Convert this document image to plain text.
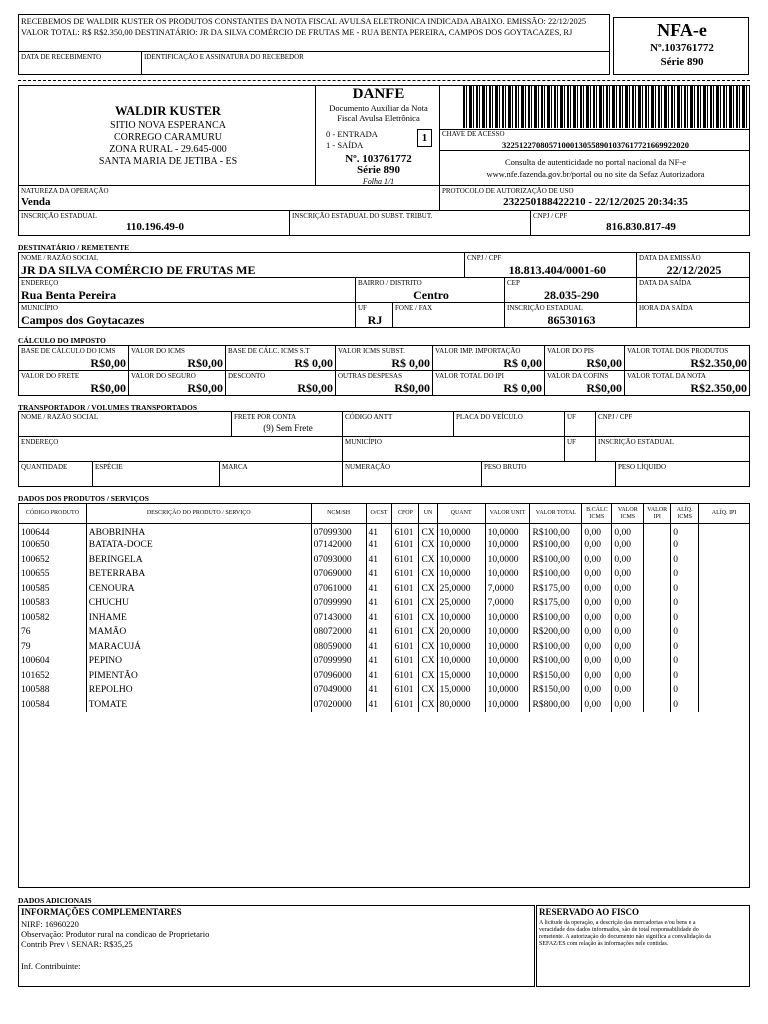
RECEBEMOS DE WALDIR KUSTER OS PRODUTOS CONSTANTES DA NOTA FISCAL AVULSA ELETRONICA INDICADA ABAIXO. EMISSÃO: 22/12/2025 VALOR TOTAL: R$ R$2.350,00 DESTINATÁRIO: JR DA SILVA COMÉRCIO DE FRUTAS ME - RUA BENTA PEREIRA, CAMPOS DOS GOYTACAZES, RJ
DATA DE RECEBIMENTO	IDENTIFICAÇÃO E ASSINATURA DO RECEBEDOR
NFA-e
Nº.103761772
Série 890
WALDIR KUSTER
SITIO NOVA ESPERANCA
CORREGO CARAMURU
ZONA RURAL - 29.645-000
SANTA MARIA DE JETIBA - ES
DANFE
Documento Auxiliar da Nota
Fiscal Avulsa Eletrônica
0 - ENTRADA
1 - SAÍDA
1
Nº. 103761772
Série 890
Folha 1/1
CHAVE DE ACESSO
32251227080571000130558901037617721669922020
Consulta de autenticidade no portal nacional da NF-e
www.nfe.fazenda.gov.br/portal ou no site da Sefaz Autorizadora
NATUREZA DA OPERAÇÃO
Venda
PROTOCOLO DE AUTORIZAÇÃO DE USO
232250188422210 - 22/12/2025 20:34:35
INSCRIÇÃO ESTADUAL
110.196.49-0
INSCRIÇÃO ESTADUAL DO SUBST. TRIBUT.	CNPJ / CPF
816.830.817-49
DESTINATÁRIO / REMETENTE
NOME / RAZÃO SOCIAL
JR DA SILVA COMÉRCIO DE FRUTAS ME
CNPJ / CPF
18.813.404/0001-60
DATA DA EMISSÃO
22/12/2025
ENDEREÇO
Rua Benta Pereira
BAIRRO / DISTRITO
Centro
CEP
28.035-290
DATA DA SAÍDA
MUNICÍPIO
Campos dos Goytacazes
UF
RJ
FONE / FAX	INSCRIÇÃO ESTADUAL
86530163
HORA DA SAÍDA
CÁLCULO DO IMPOSTO
BASE DE CÁLCULO DO ICMS
R$0,00
VALOR DO ICMS
R$0,00
BASE DE CÁLC. ICMS S.T
R$ 0,00
VALOR ICMS SUBST.
R$ 0,00
VALOR IMP. IMPORTAÇÃO
R$ 0,00
VALOR DO PIS
R$0,00
VALOR TOTAL DOS PRODUTOS
R$2.350,00
VALOR DO FRETE
R$0,00
VALOR DO SEGURO
R$0,00
DESCONTO
R$0,00
OUTRAS DESPESAS
R$0,00
VALOR TOTAL DO IPI
R$ 0,00
VALOR DA COFINS
R$0,00
VALOR TOTAL DA NOTA
R$2.350,00
TRANSPORTADOR / VOLUMES TRANSPORTADOS
NOME / RAZÃO SOCIAL	FRETE POR CONTA
(9) Sem Frete
CÓDIGO ANTT	PLACA DO VEÍCULO	UF	CNPJ / CPF
ENDEREÇO	MUNICÍPIO	UF	INSCRIÇÃO ESTADUAL
QUANTIDADE	ESPÉCIE	MARCA	NUMERAÇÃO	PESO BRUTO	PESO LÍQUIDO
DADOS DOS PRODUTOS / SERVIÇOS
CÓDIGO PRODUTO	DESCRIÇÃO DO PRODUTO / SERVIÇO	NCM/SH	O/CST	CFOP	UN	QUANT	VALOR UNIT	VALOR TOTAL	B.CÁLC ICMS	VALOR ICMS	VALOR IPI	ALÍQ. ICMS	ALÍQ. IPI
100644	ABOBRINHA	07099300	41	6101	CX	10,0000	10,0000	R$100,00	0,00	0,00		0	
100650	BATATA-DOCE	07142000	41	6101	CX	10,0000	10,0000	R$100,00	0,00	0,00		0	
100652	BERINGELA	07093000	41	6101	CX	10,0000	10,0000	R$100,00	0,00	0,00		0	
100655	BETERRABA	07069000	41	6101	CX	10,0000	10,0000	R$100,00	0,00	0,00		0	
100585	CENOURA	07061000	41	6101	CX	25,0000	7,0000	R$175,00	0,00	0,00		0	
100583	CHUCHU	07099990	41	6101	CX	25,0000	7,0000	R$175,00	0,00	0,00		0	
100582	INHAME	07143000	41	6101	CX	10,0000	10,0000	R$100,00	0,00	0,00		0	
76	MAMÃO	08072000	41	6101	CX	20,0000	10,0000	R$200,00	0,00	0,00		0	
79	MARACUJÁ	08059000	41	6101	CX	10,0000	10,0000	R$100,00	0,00	0,00		0	
100604	PEPINO	07099990	41	6101	CX	10,0000	10,0000	R$100,00	0,00	0,00		0	
101652	PIMENTÃO	07096000	41	6101	CX	15,0000	10,0000	R$150,00	0,00	0,00		0	
100588	REPOLHO	07049000	41	6101	CX	15,0000	10,0000	R$150,00	0,00	0,00		0	
100584	TOMATE	07020000	41	6101	CX	80,0000	10,0000	R$800,00	0,00	0,00		0	
DADOS ADICIONAIS
INFORMAÇÕES COMPLEMENTARES
NIRF: 16960220
Observação: Produtor rural na condicao de Proprietario
Contrib Prev \ SENAR: R$35,25
Inf. Contribuinte:
RESERVADO AO FISCO
A licitude da operação, a descrição das mercadorias e/ou bens e a
veracidade dos dados informados, são de total responsabilidade do
remetente. A autorização do documento não significa a convalidação da
SEFAZ/ES com relação às informações nele contidas.
